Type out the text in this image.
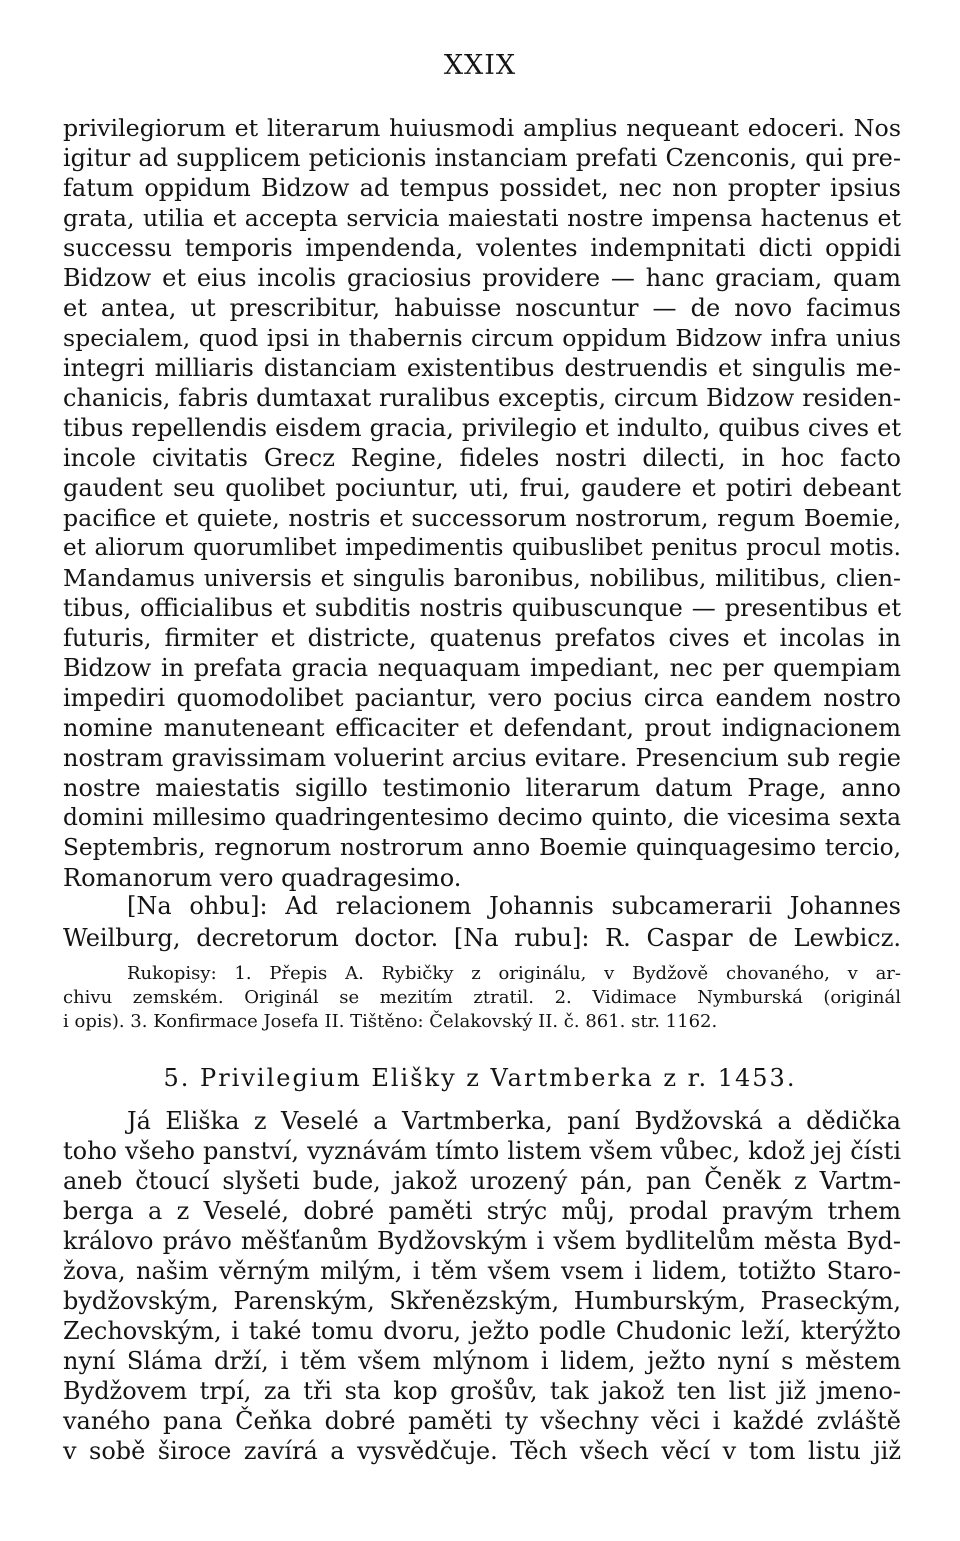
XXIX
privilegiorum et literarum huiusmodi amplius nequeant edoceri. Nos
igitur ad supplicem peticionis instanciam prefati Czenconis, qui pre-
fatum oppidum Bidzow ad tempus possidet, nec non propter ipsius
grata, utilia et accepta servicia maiestati nostre impensa hactenus et
successu temporis impendenda, volentes indempnitati dicti oppidi
Bidzow et eius incolis graciosius providere — hanc graciam, quam
et antea, ut prescribitur, habuisse noscuntur — de novo facimus
specialem, quod ipsi in thabernis circum oppidum Bidzow infra unius
integri milliaris distanciam existentibus destruendis et singulis me-
chanicis, fabris dumtaxat ruralibus exceptis, circum Bidzow residen-
tibus repellendis eisdem gracia, privilegio et indulto, quibus cives et
incole civitatis Grecz Regine, fideles nostri dilecti, in hoc facto
gaudent seu quolibet pociuntur, uti, frui, gaudere et potiri debeant
pacifice et quiete, nostris et successorum nostrorum, regum Boemie,
et aliorum quorumlibet impedimentis quibuslibet penitus procul motis.
Mandamus universis et singulis baronibus, nobilibus, militibus, clien-
tibus, officialibus et subditis nostris quibuscunque — presentibus et
futuris, firmiter et districte, quatenus prefatos cives et incolas in
Bidzow in prefata gracia nequaquam impediant, nec per quempiam
impediri quomodolibet paciantur, vero pocius circa eandem nostro
nomine manuteneant efficaciter et defendant, prout indignacionem
nostram gravissimam voluerint arcius evitare. Presencium sub regie
nostre maiestatis sigillo testimonio literarum datum Prage, anno
domini millesimo quadringentesimo decimo quinto, die vicesima sexta
Septembris, regnorum nostrorum anno Boemie quinquagesimo tercio,
Romanorum vero quadragesimo.
[Na ohbu]: Ad relacionem Johannis subcamerarii Johannes
Weilburg, decretorum doctor. [Na rubu]: R. Caspar de Lewbicz.
Rukopisy: 1. Přepis A. Rybičky z originálu, v Bydžově chovaného, v ar-
chivu zemském. Originál se mezitím ztratil. 2. Vidimace Nymburská (originál
i opis). 3. Konfirmace Josefa II. Tištěno: Čelakovský II. č. 861. str. 1162.
5. Privilegium Elišky z Vartmberka z r. 1453.
Já Eliška z Veselé a Vartmberka, paní Bydžovská a dědička
toho všeho panství, vyznávám tímto listem všem vůbec, kdož jej čísti
aneb čtoucí slyšeti bude, jakož urozený pán, pan Čeněk z Vartm-
berga a z Veselé, dobré paměti strýc můj, prodal pravým trhem
královo právo měšťanům Bydžovským i všem bydlitelům města Byd-
žova, našim věrným milým, i těm všem vsem i lidem, totižto Staro-
bydžovským, Parenským, Skřenězským, Humburským, Praseckým,
Zechovským, i také tomu dvoru, ježto podle Chudonic leží, kterýžto
nyní Sláma drží, i těm všem mlýnom i lidem, ježto nyní s městem
Bydžovem trpí, za tři sta kop grošův, tak jakož ten list již jmeno-
vaného pana Čeňka dobré paměti ty všechny věci i každé zvláště
v sobě široce zavírá a vysvědčuje. Těch všech věcí v tom listu již
